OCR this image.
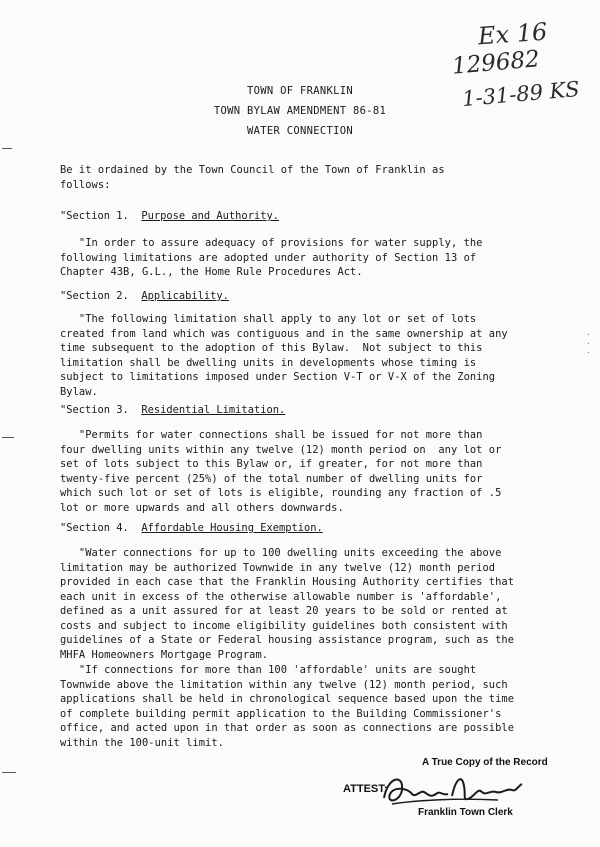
Ex 16
129682
1-31-89 KS
TOWN OF FRANKLIN
TOWN BYLAW AMENDMENT 86-81
WATER CONNECTION
Be it ordained by the Town Council of the Town of Franklin as
follows:
"Section 1. Purpose and Authority.
"In order to assure adequacy of provisions for water supply, the
following limitations are adopted under authority of Section 13 of
Chapter 43B, G.L., the Home Rule Procedures Act.
"Section 2. Applicability.
"The following limitation shall apply to any lot or set of lots
created from land which was contiguous and in the same ownership at any
time subsequent to the adoption of this Bylaw.  Not subject to this
limitation shall be dwelling units in developments whose timing is
subject to limitations imposed under Section V-T or V-X of the Zoning
Bylaw.
"Section 3. Residential Limitation.
"Permits for water connections shall be issued for not more than
four dwelling units within any twelve (12) month period on  any lot or
set of lots subject to this Bylaw or, if greater, for not more than
twenty-five percent (25%) of the total number of dwelling units for
which such lot or set of lots is eligible, rounding any fraction of .5
lot or more upwards and all others downwards.
"Section 4. Affordable Housing Exemption.
"Water connections for up to 100 dwelling units exceeding the above
limitation may be authorized Townwide in any twelve (12) month period
provided in each case that the Franklin Housing Authority certifies that
each unit in excess of the otherwise allowable number is 'affordable',
defined as a unit assured for at least 20 years to be sold or rented at
costs and subject to income eligibility guidelines both consistent with
guidelines of a State or Federal housing assistance program, such as the
MHFA Homeowners Mortgage Program.
"If connections for more than 100 'affordable' units are sought
Townwide above the limitation within any twelve (12) month period, such
applications shall be held in chronological sequence based upon the time
of complete building permit application to the Building Commissioner's
office, and acted upon in that order as soon as connections are possible
within the 100-unit limit.
· · ·
A True Copy of the Record
ATTEST:
Franklin Town Clerk
